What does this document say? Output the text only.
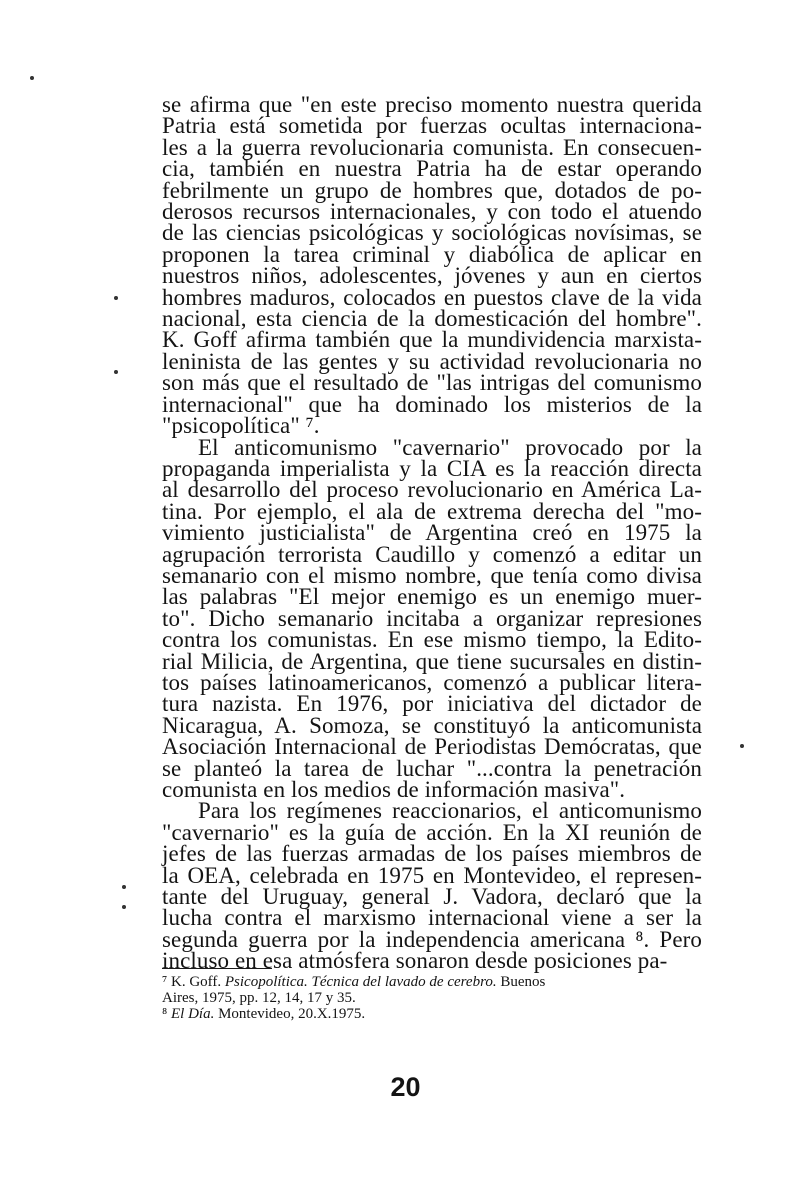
se afirma que "en este preciso momento nuestra querida
Patria está sometida por fuerzas ocultas internaciona-
les a la guerra revolucionaria comunista. En consecuen-
cia, también en nuestra Patria ha de estar operando
febrilmente un grupo de hombres que, dotados de po-
derosos recursos internacionales, y con todo el atuendo
de las ciencias psicológicas y sociológicas novísimas, se
proponen la tarea criminal y diabólica de aplicar en
nuestros niños, adolescentes, jóvenes y aun en ciertos
hombres maduros, colocados en puestos clave de la vida
nacional, esta ciencia de la domesticación del hombre".
K. Goff afirma también que la mundividencia marxista-
leninista de las gentes y su actividad revolucionaria no
son más que el resultado de "las intrigas del comunismo
internacional" que ha dominado los misterios de la
"psicopolítica" ⁷.

El anticomunismo "cavernario" provocado por la
propaganda imperialista y la CIA es la reacción directa
al desarrollo del proceso revolucionario en América La-
tina. Por ejemplo, el ala de extrema derecha del "mo-
vimiento justicialista" de Argentina creó en 1975 la
agrupación terrorista Caudillo y comenzó a editar un
semanario con el mismo nombre, que tenía como divisa
las palabras "El mejor enemigo es un enemigo muer-
to". Dicho semanario incitaba a organizar represiones
contra los comunistas. En ese mismo tiempo, la Edito-
rial Milicia, de Argentina, que tiene sucursales en distin-
tos países latinoamericanos, comenzó a publicar litera-
tura nazista. En 1976, por iniciativa del dictador de
Nicaragua, A. Somoza, se constituyó la anticomunista
Asociación Internacional de Periodistas Demócratas, que
se planteó la tarea de luchar "...contra la penetración
comunista en los medios de información masiva".

Para los regímenes reaccionarios, el anticomunismo
"cavernario" es la guía de acción. En la XI reunión de
jefes de las fuerzas armadas de los países miembros de
la OEA, celebrada en 1975 en Montevideo, el represen-
tante del Uruguay, general J. Vadora, declaró que la
lucha contra el marxismo internacional viene a ser la
segunda guerra por la independencia americana ⁸. Pero
incluso en esa atmósfera sonaron desde posiciones pa-

⁷ K. Goff. Psicopolítica. Técnica del lavado de cerebro. Buenos
Aires, 1975, pp. 12, 14, 17 y 35.
⁸ El Día. Montevideo, 20.X.1975.
20
